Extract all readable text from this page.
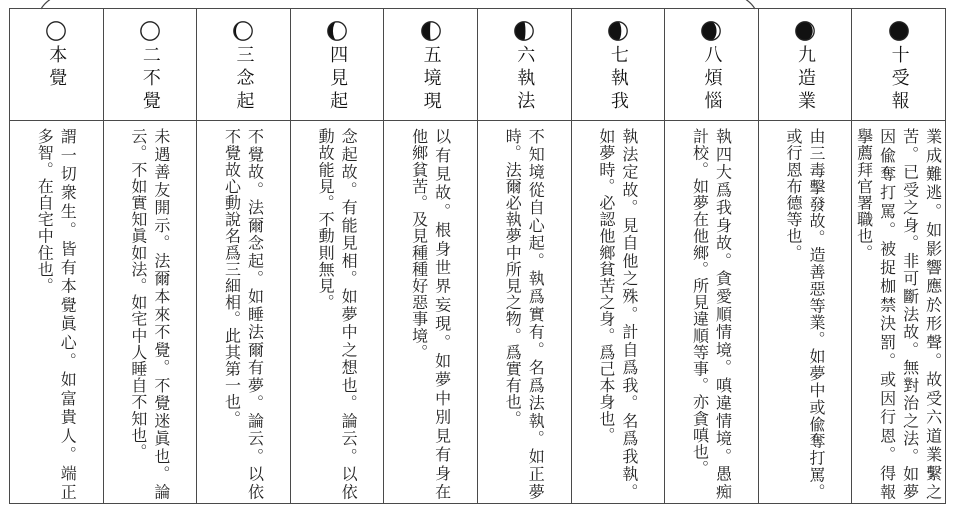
本覺
謂一切衆生。皆有本覺眞心。如富貴人。端正
多智。在自宅中住也。
二不覺
未遇善友開示。法爾本來不覺。不覺迷眞也。論
云。不如實知眞如法。如宅中人睡自不知也。
三念起
不覺故。法爾念起。如睡法爾有夢。論云。以依
不覺故心動說名爲三細相。此其第一也。
四見起
念起故。有能見相。如夢中之想也。論云。以依
動故能見。不動則無見。
五境現
以有見故。根身世界妄現。如夢中別見有身在
他鄉貧苦。及見種種好惡事境。
六執法
不知境從自心起。執爲實有。名爲法執。如正夢
時。法爾必執夢中所見之物。爲實有也。
七執我
執法定故。見自他之殊。計自爲我。名爲我執。
如夢時。必認他鄉貧苦之身。爲己本身也。
八煩惱
執四大爲我身故。貪愛順情境。嗔違情境。愚痴
計校。如夢在他鄉。所見違順等事。亦貪嗔也。
九造業
由三毒擊發故。造善惡等業。如夢中或偸奪打罵。
或行恩布德等也。
十受報
業成難逃。如影響應於形聲。故受六道業繫之
苦。已受之身。非可斷法故。無對治之法。如夢
因偸奪打罵。被捉枷禁決罰。或因行恩。得報
擧薦拜官署職也。
